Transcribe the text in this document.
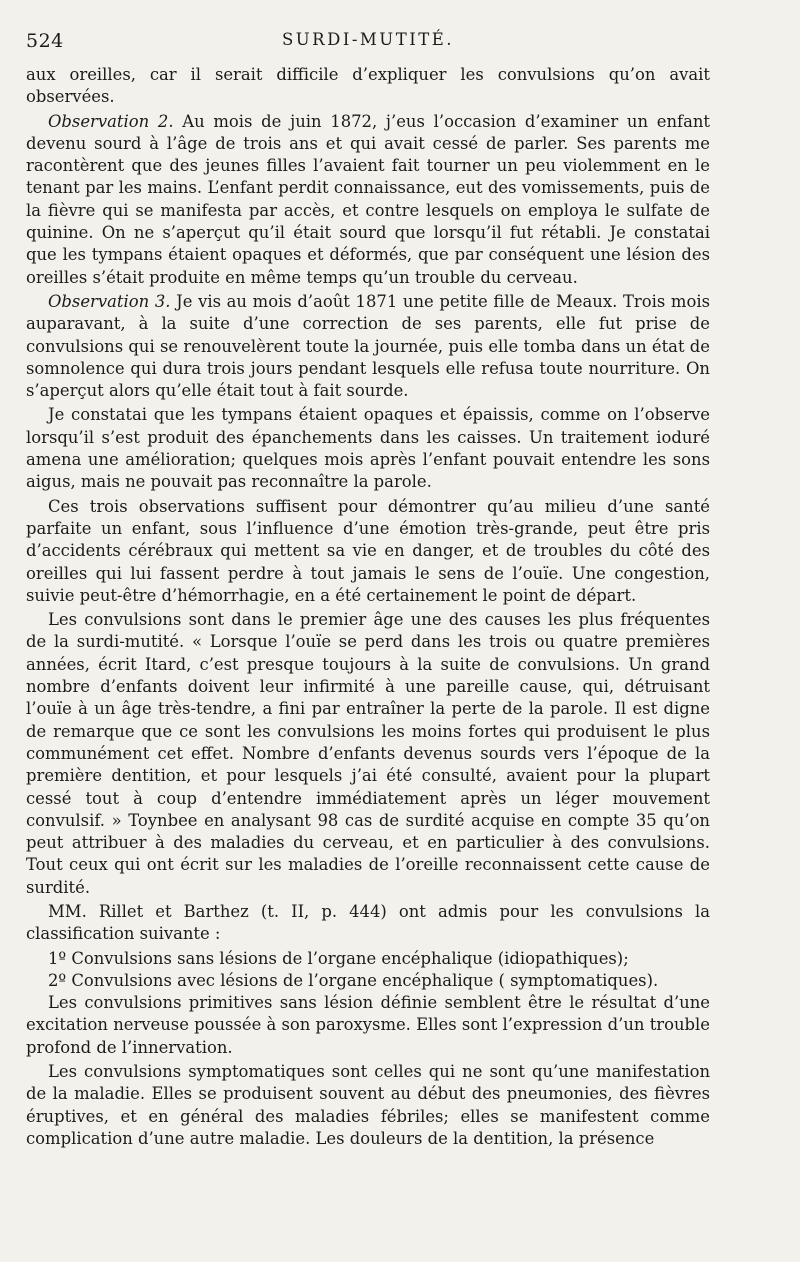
524	SURDI-MUTITÉ.

aux oreilles, car il serait difficile d’expliquer les convulsions qu’on avait observées.

Observation 2. Au mois de juin 1872, j’eus l’occasion d’examiner un enfant devenu sourd à l’âge de trois ans et qui avait cessé de parler. Ses parents me racontèrent que des jeunes filles l’avaient fait tourner un peu violemment en le tenant par les mains. L’enfant perdit connaissance, eut des vomissements, puis de la fièvre qui se manifesta par accès, et contre lesquels on employa le sulfate de quinine. On ne s’aperçut qu’il était sourd que lorsqu’il fut rétabli. Je constatai que les tympans étaient opaques et déformés, que par conséquent une lésion des oreilles s’était produite en même temps qu’un trouble du cerveau.

Observation 3. Je vis au mois d’août 1871 une petite fille de Meaux. Trois mois auparavant, à la suite d’une correction de ses parents, elle fut prise de convulsions qui se renouvelèrent toute la journée, puis elle tomba dans un état de somnolence qui dura trois jours pendant lesquels elle refusa toute nourriture. On s’aperçut alors qu’elle était tout à fait sourde.

Je constatai que les tympans étaient opaques et épaissis, comme on l’observe lorsqu’il s’est produit des épanchements dans les caisses. Un traitement ioduré amena une amélioration; quelques mois après l’enfant pouvait entendre les sons aigus, mais ne pouvait pas reconnaître la parole.

Ces trois observations suffisent pour démontrer qu’au milieu d’une santé parfaite un enfant, sous l’influence d’une émotion très-grande, peut être pris d’accidents cérébraux qui mettent sa vie en danger, et de troubles du côté des oreilles qui lui fassent perdre à tout jamais le sens de l’ouïe. Une congestion, suivie peut-être d’hémorrhagie, en a été certainement le point de départ.

Les convulsions sont dans le premier âge une des causes les plus fréquentes de la surdi-mutité. « Lorsque l’ouïe se perd dans les trois ou quatre premières années, écrit Itard, c’est presque toujours à la suite de convulsions. Un grand nombre d’enfants doivent leur infirmité à une pareille cause, qui, détruisant l’ouïe à un âge très-tendre, a fini par entraîner la perte de la parole. Il est digne de remarque que ce sont les convulsions les moins fortes qui produisent le plus communément cet effet. Nombre d’enfants devenus sourds vers l’époque de la première dentition, et pour lesquels j’ai été consulté, avaient pour la plupart cessé tout à coup d’entendre immédiatement après un léger mouvement convulsif. » Toynbee en analysant 98 cas de surdité acquise en compte 35 qu’on peut attribuer à des maladies du cerveau, et en particulier à des convulsions. Tout ceux qui ont écrit sur les maladies de l’oreille reconnaissent cette cause de surdité.

MM. Rillet et Barthez (t. II, p. 444) ont admis pour les convulsions la classification suivante :

1º Convulsions sans lésions de l’organe encéphalique (idiopathiques);

2º Convulsions avec lésions de l’organe encéphalique ( symptomatiques).

Les convulsions primitives sans lésion définie semblent être le résultat d’une excitation nerveuse poussée à son paroxysme. Elles sont l’expression d’un trouble profond de l’innervation.

Les convulsions symptomatiques sont celles qui ne sont qu’une manifestation de la maladie. Elles se produisent souvent au début des pneumonies, des fièvres éruptives, et en général des maladies fébriles; elles se manifestent comme complication d’une autre maladie. Les douleurs de la dentition, la présence
